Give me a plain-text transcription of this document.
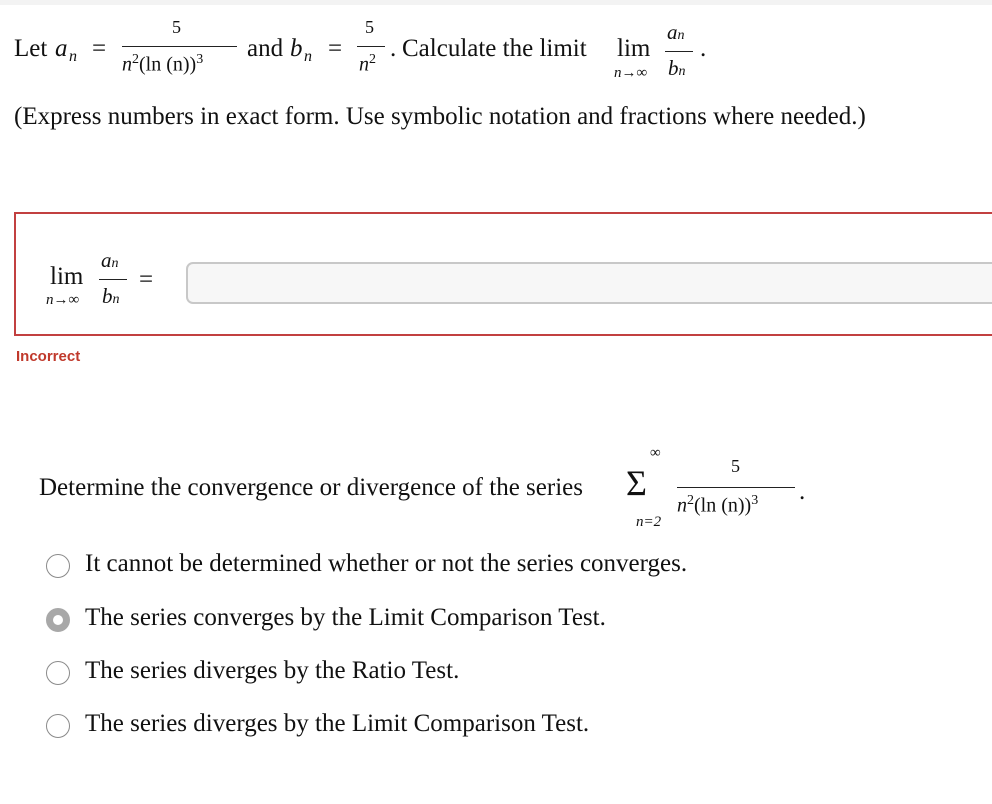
Let a n =
5
$n^2(\ln$ (n))$^3$ and b n =
5
$n^2$ . Calculate the limit lim
n→∞
an
bn
.
(Express numbers in exact form. Use symbolic notation and fractions where needed.)
lim
n→∞
an
bn
=
Incorrect
Determine the convergence or divergence of the series
∞
Σ
n=2
5
$n^2(\ln$ (n))$^3$ .
It cannot be determined whether or not the series converges.
The series converges by the Limit Comparison Test.
The series diverges by the Ratio Test.
The series diverges by the Limit Comparison Test.
